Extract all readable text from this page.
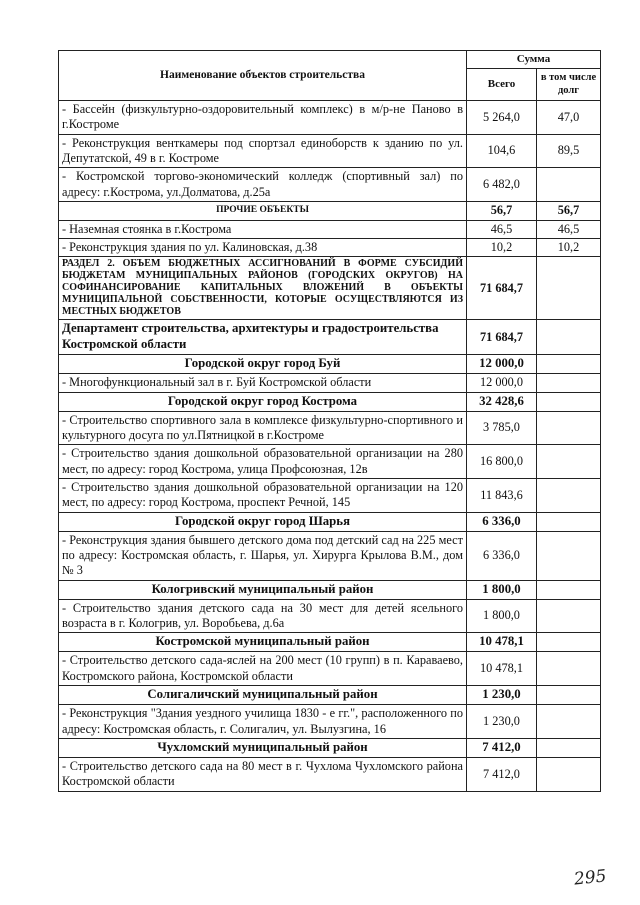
Наименование объектов строительства	Сумма	
	Всего	в том числе долг
- Бассейн (физкультурно-оздоровительный комплекс) в м/р-не Паново в г.Костроме	5 264,0	47,0
- Реконструкция венткамеры под спортзал единоборств к зданию по ул. Депутатской, 49 в г. Костроме	104,6	89,5
- Костромской торгово-экономический колледж (спортивный зал) по адресу: г.Кострома, ул.Долматова, д.25а	6 482,0	
ПРОЧИЕ ОБЪЕКТЫ	56,7	56,7
- Наземная стоянка в г.Кострома	46,5	46,5
- Реконструкция здания по ул. Калиновская, д.38	10,2	10,2
РАЗДЕЛ 2. ОБЪЕМ БЮДЖЕТНЫХ АССИГНОВАНИЙ В ФОРМЕ СУБСИДИЙ БЮДЖЕТАМ МУНИЦИПАЛЬНЫХ РАЙОНОВ (ГОРОДСКИХ ОКРУГОВ) НА СОФИНАНСИРОВАНИЕ КАПИТАЛЬНЫХ ВЛОЖЕНИЙ В ОБЪЕКТЫ МУНИЦИПАЛЬНОЙ СОБСТВЕННОСТИ, КОТОРЫЕ ОСУЩЕСТВЛЯЮТСЯ ИЗ МЕСТНЫХ БЮДЖЕТОВ	71 684,7	
Департамент строительства, архитектуры и градостроительства Костромской области	71 684,7	
Городской округ город Буй	12 000,0	
- Многофункциональный зал в г. Буй Костромской области	12 000,0	
Городской округ город Кострома	32 428,6	
- Строительство спортивного зала в комплексе физкультурно-спортивного и культурного досуга по ул.Пятницкой в г.Костроме	3 785,0	
- Строительство здания дошкольной образовательной организации на 280 мест, по адресу: город Кострома, улица Профсоюзная, 12в	16 800,0	
- Строительство здания дошкольной образовательной организации на 120 мест, по адресу: город Кострома, проспект Речной, 145	11 843,6	
Городской округ город Шарья	6 336,0	
- Реконструкция здания бывшего детского дома под детский сад на 225 мест по адресу: Костромская область, г. Шарья, ул. Хирурга Крылова В.М., дом № 3	6 336,0	
Кологривский муниципальный район	1 800,0	
- Строительство здания детского сада на 30 мест для детей ясельного возраста в г. Кологрив, ул. Воробьева, д.6а	1 800,0	
Костромской муниципальный район	10 478,1	
- Строительство детского сада-яслей на 200 мест (10 групп) в п. Караваево, Костромского района, Костромской области	10 478,1	
Солигаличский муниципальный район	1 230,0	
- Реконструкция "Здания уездного училища 1830 - е гг.", расположенного по адресу: Костромская область, г. Солигалич, ул. Вылузгина, 16	1 230,0	
Чухломский муниципальный район	7 412,0	
- Строительство детского сада на 80 мест в г. Чухлома Чухломского района Костромской области	7 412,0	
295
